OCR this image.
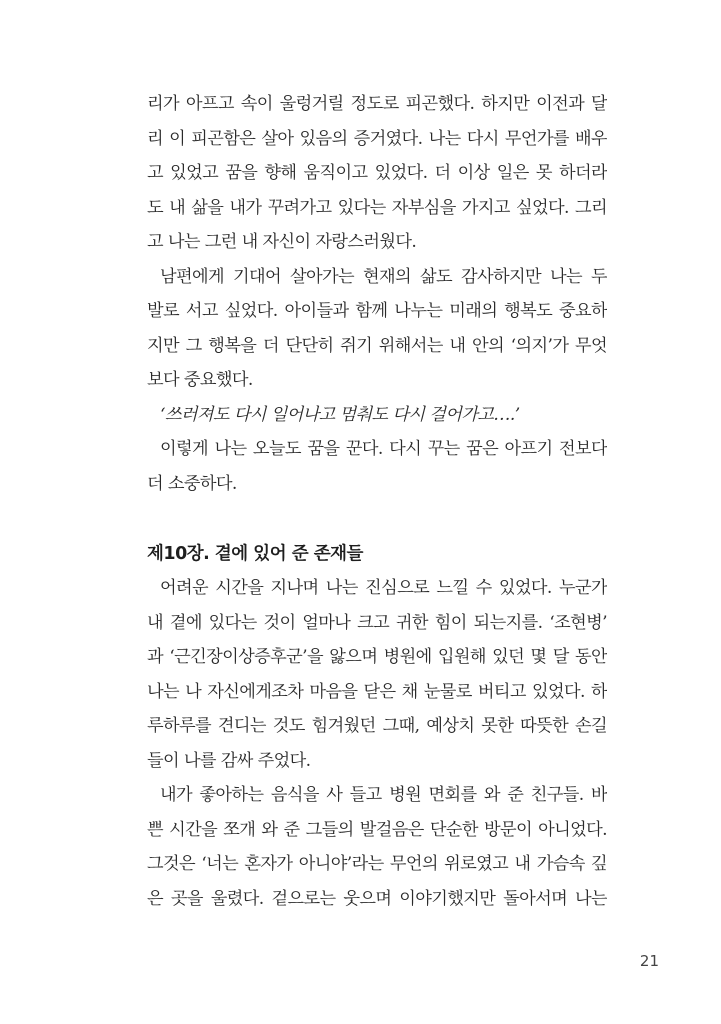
리가 아프고 속이 울렁거릴 정도로 피곤했다. 하지만 이전과 달
리 이 피곤함은 살아 있음의 증거였다. 나는 다시 무언가를 배우
고 있었고 꿈을 향해 움직이고 있었다. 더 이상 일은 못 하더라
도 내 삶을 내가 꾸려가고 있다는 자부심을 가지고 싶었다. 그리
고 나는 그런 내 자신이 자랑스러웠다.
남편에게 기대어 살아가는 현재의 삶도 감사하지만 나는 두
발로 서고 싶었다. 아이들과 함께 나누는 미래의 행복도 중요하
지만 그 행복을 더 단단히 쥐기 위해서는 내 안의 ‘의지’가 무엇
보다 중요했다.
‘쓰러져도 다시 일어나고 멈춰도 다시 걸어가고….’
이렇게 나는 오늘도 꿈을 꾼다. 다시 꾸는 꿈은 아프기 전보다
더 소중하다.
제10장. 곁에 있어 준 존재들
어려운 시간을 지나며 나는 진심으로 느낄 수 있었다. 누군가
내 곁에 있다는 것이 얼마나 크고 귀한 힘이 되는지를. ‘조현병’
과 ‘근긴장이상증후군’을 앓으며 병원에 입원해 있던 몇 달 동안
나는 나 자신에게조차 마음을 닫은 채 눈물로 버티고 있었다. 하
루하루를 견디는 것도 힘겨웠던 그때, 예상치 못한 따뜻한 손길
들이 나를 감싸 주었다.
내가 좋아하는 음식을 사 들고 병원 면회를 와 준 친구들. 바
쁜 시간을 쪼개 와 준 그들의 발걸음은 단순한 방문이 아니었다.
그것은 ‘너는 혼자가 아니야’라는 무언의 위로였고 내 가슴속 깊
은 곳을 울렸다. 겉으로는 웃으며 이야기했지만 돌아서며 나는
21
